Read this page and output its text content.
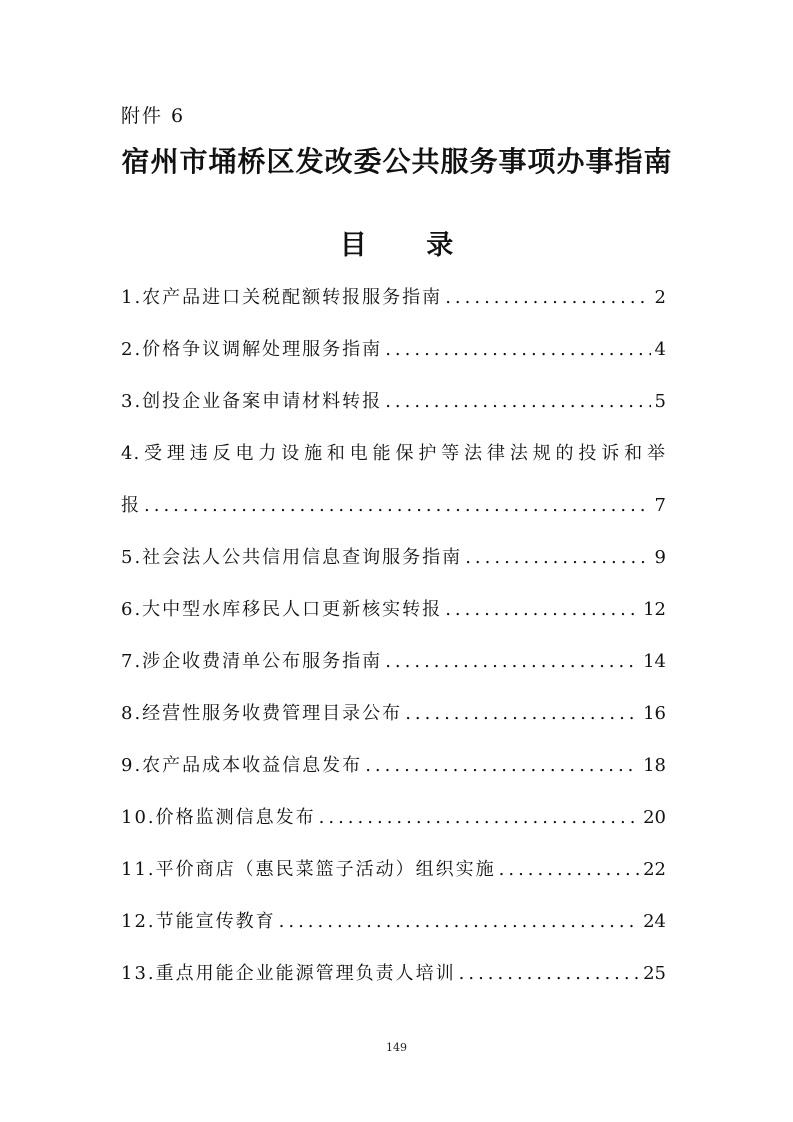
附件 6
宿州市埇桥区发改委公共服务事项办事指南
目 录
1.农产品进口关税配额转报服务指南 .....	2
2.价格争议调解处理服务指南 .....	4
3.创投企业备案申请材料转报 .....	5
4.受理违反电力设施和电能保护等法律法规的投诉和举
报 .....	7
5.社会法人公共信用信息查询服务指南 .....	9
6.大中型水库移民人口更新核实转报 .....	12
7.涉企收费清单公布服务指南 .....	14
8.经营性服务收费管理目录公布 .....	16
9.农产品成本收益信息发布 .....	18
10.价格监测信息发布 .....	20
11.平价商店（惠民菜篮子活动）组织实施 .....	22
12.节能宣传教育 .....	24
13.重点用能企业能源管理负责人培训 .....	25
149
